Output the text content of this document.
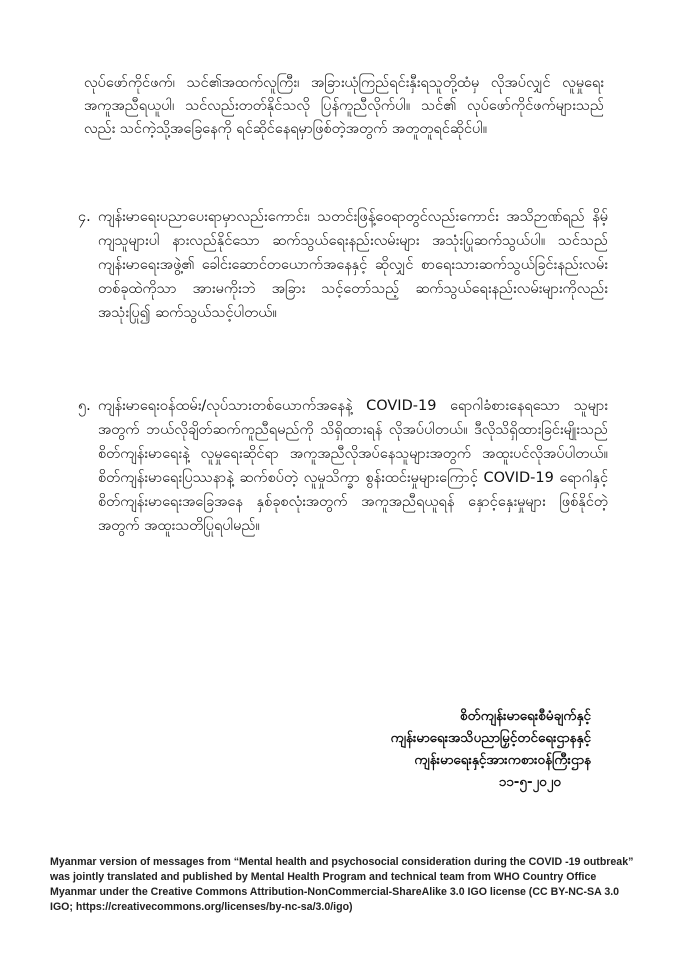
လုပ်ဖော်ကိုင်ဖက်၊ သင်၏အထက်လူကြီး၊ အခြားယုံကြည်ရင်းနှီးရသူတို့ထံမှ လိုအပ်လျှင် လူမှုရေး အကူအညီရယူပါ၊ သင်လည်းတတ်နိုင်သလို ပြန်ကူညီလိုက်ပါ။ သင်၏ လုပ်ဖော်ကိုင်ဖက်များသည်လည်း သင်ကဲ့သို့အခြေနေကို ရင်ဆိုင်နေရမှာဖြစ်တဲ့အတွက် အတူတူရင်ဆိုင်ပါ။
၄. ကျန်းမာရေးပညာပေးရာမှာလည်းကောင်း၊ သတင်းဖြန့်ဝေရာတွင်လည်းကောင်း အသိဉာဏ်ရည် နိမ့်ကျသူများပါ နားလည်နိုင်သော ဆက်သွယ်ရေးနည်းလမ်းများ အသုံးပြုဆက်သွယ်ပါ။ သင်သည် ကျန်းမာရေးအဖွဲ့၏ ခေါင်းဆောင်တယောက်အနေနှင့် ဆိုလျှင် စာရေးသားဆက်သွယ်ခြင်းနည်းလမ်း တစ်ခုထဲကိုသာ အားမကိုးဘဲ အခြား သင့်တော်သည့် ဆက်သွယ်ရေးနည်းလမ်းများကိုလည်း အသုံးပြု၍ ဆက်သွယ်သင့်ပါတယ်။
၅. ကျန်းမာရေးဝန်ထမ်း/လုပ်သားတစ်ယောက်အနေနဲ့ COVID-19 ရောဂါခံစားနေရသော သူများအတွက် ဘယ်လိုချိတ်ဆက်ကူညီရမည်ကို သိရှိထားရန် လိုအပ်ပါတယ်။ ဒီလိုသိရှိထားခြင်းမျိုးသည် စိတ်ကျန်းမာရေးနဲ့ လူမှုရေးဆိုင်ရာ အကူအညီလိုအပ်နေသူများအတွက် အထူးပင်လိုအပ်ပါတယ်။ စိတ်ကျန်းမာရေးပြဿနာနဲ့ ဆက်စပ်တဲ့ လူမှုသိက္ခာ စွန်းထင်းမှုများကြောင့် COVID-19 ရောဂါနှင့် စိတ်ကျန်းမာရေးအခြေအနေ နှစ်ခုစလုံးအတွက် အကူအညီရယူရန် နှောင့်နှေးမှုများ ဖြစ်နိုင်တဲ့အတွက် အထူးသတိပြုရပါမည်။
စိတ်ကျန်းမာရေးစီမံချက်နှင့်
ကျန်းမာရေးအသိပညာမြှင့်တင်ရေးဌာနနှင့်
ကျန်းမာရေးနှင့်အားကစားဝန်ကြီးဌာန
၁၁-၅-၂၀၂၀
Myanmar version of messages from “Mental health and psychosocial consideration during the COVID -19 outbreak” was jointly translated and published by Mental Health Program and technical team from WHO Country Office Myanmar under the Creative Commons Attribution-NonCommercial-ShareAlike 3.0 IGO license (CC BY-NC-SA 3.0 IGO; https://creativecommons.org/licenses/by-nc-sa/3.0/igo)
